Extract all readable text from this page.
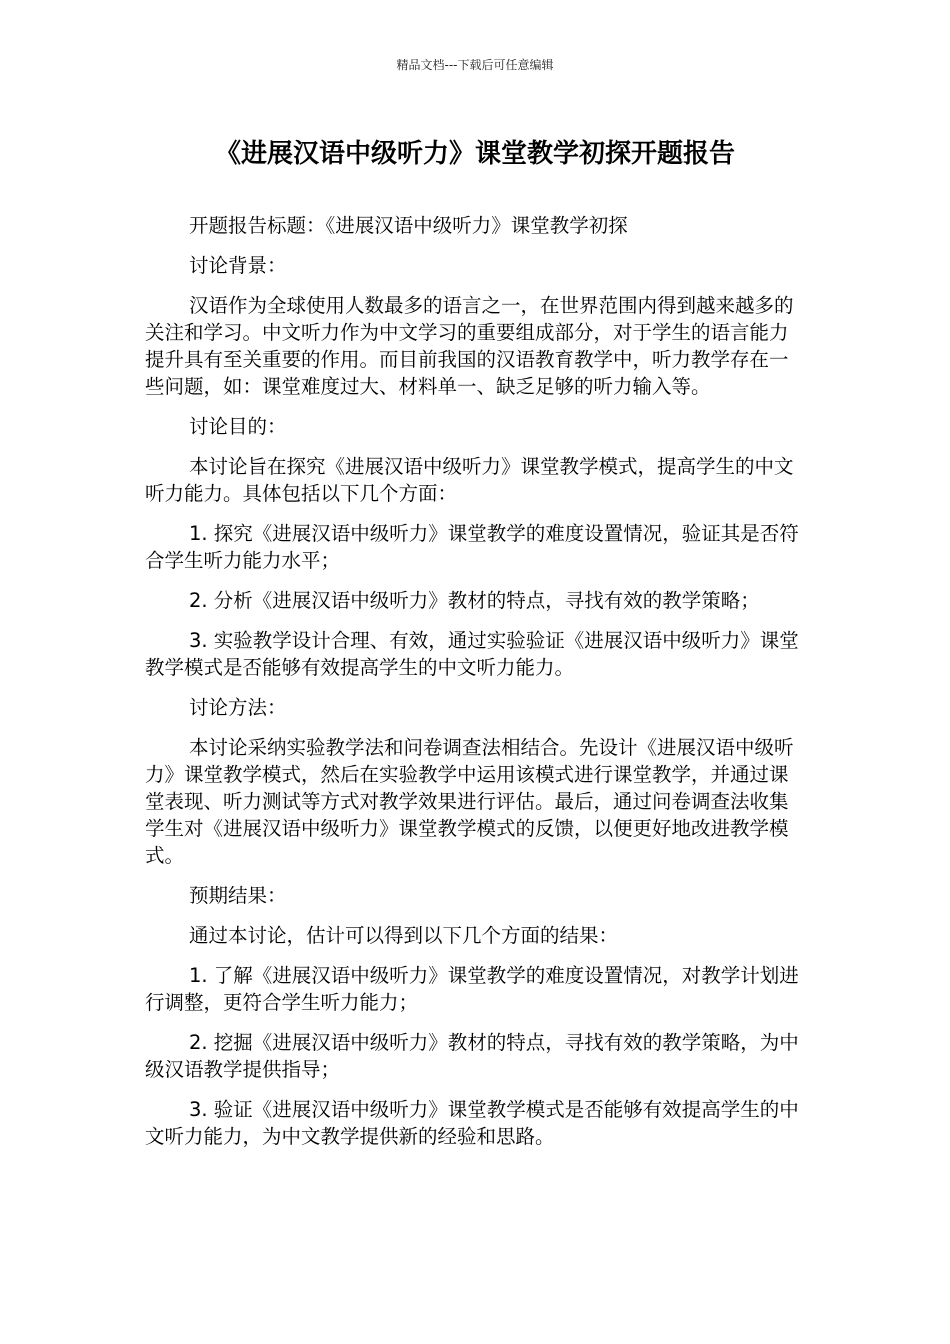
精品文档---下载后可任意编辑
《进展汉语中级听力》课堂教学初探开题报告

开题报告标题：《进展汉语中级听力》课堂教学初探

讨论背景：

汉语作为全球使用人数最多的语言之一，在世界范围内得到越来越多的关注和学习。中文听力作为中文学习的重要组成部分，对于学生的语言能力提升具有至关重要的作用。而目前我国的汉语教育教学中，听力教学存在一些问题，如：课堂难度过大、材料单一、缺乏足够的听力输入等。

讨论目的：

本讨论旨在探究《进展汉语中级听力》课堂教学模式，提高学生的中文听力能力。具体包括以下几个方面：

1. 探究《进展汉语中级听力》课堂教学的难度设置情况，验证其是否符合学生听力能力水平；

2. 分析《进展汉语中级听力》教材的特点，寻找有效的教学策略；

3. 实验教学设计合理、有效，通过实验验证《进展汉语中级听力》课堂教学模式是否能够有效提高学生的中文听力能力。

讨论方法：

本讨论采纳实验教学法和问卷调查法相结合。先设计《进展汉语中级听力》课堂教学模式，然后在实验教学中运用该模式进行课堂教学，并通过课堂表现、听力测试等方式对教学效果进行评估。最后，通过问卷调查法收集学生对《进展汉语中级听力》课堂教学模式的反馈，以便更好地改进教学模式。

预期结果：

通过本讨论，估计可以得到以下几个方面的结果：

1. 了解《进展汉语中级听力》课堂教学的难度设置情况，对教学计划进行调整，更符合学生听力能力；

2. 挖掘《进展汉语中级听力》教材的特点，寻找有效的教学策略，为中级汉语教学提供指导；

3. 验证《进展汉语中级听力》课堂教学模式是否能够有效提高学生的中文听力能力，为中文教学提供新的经验和思路。
